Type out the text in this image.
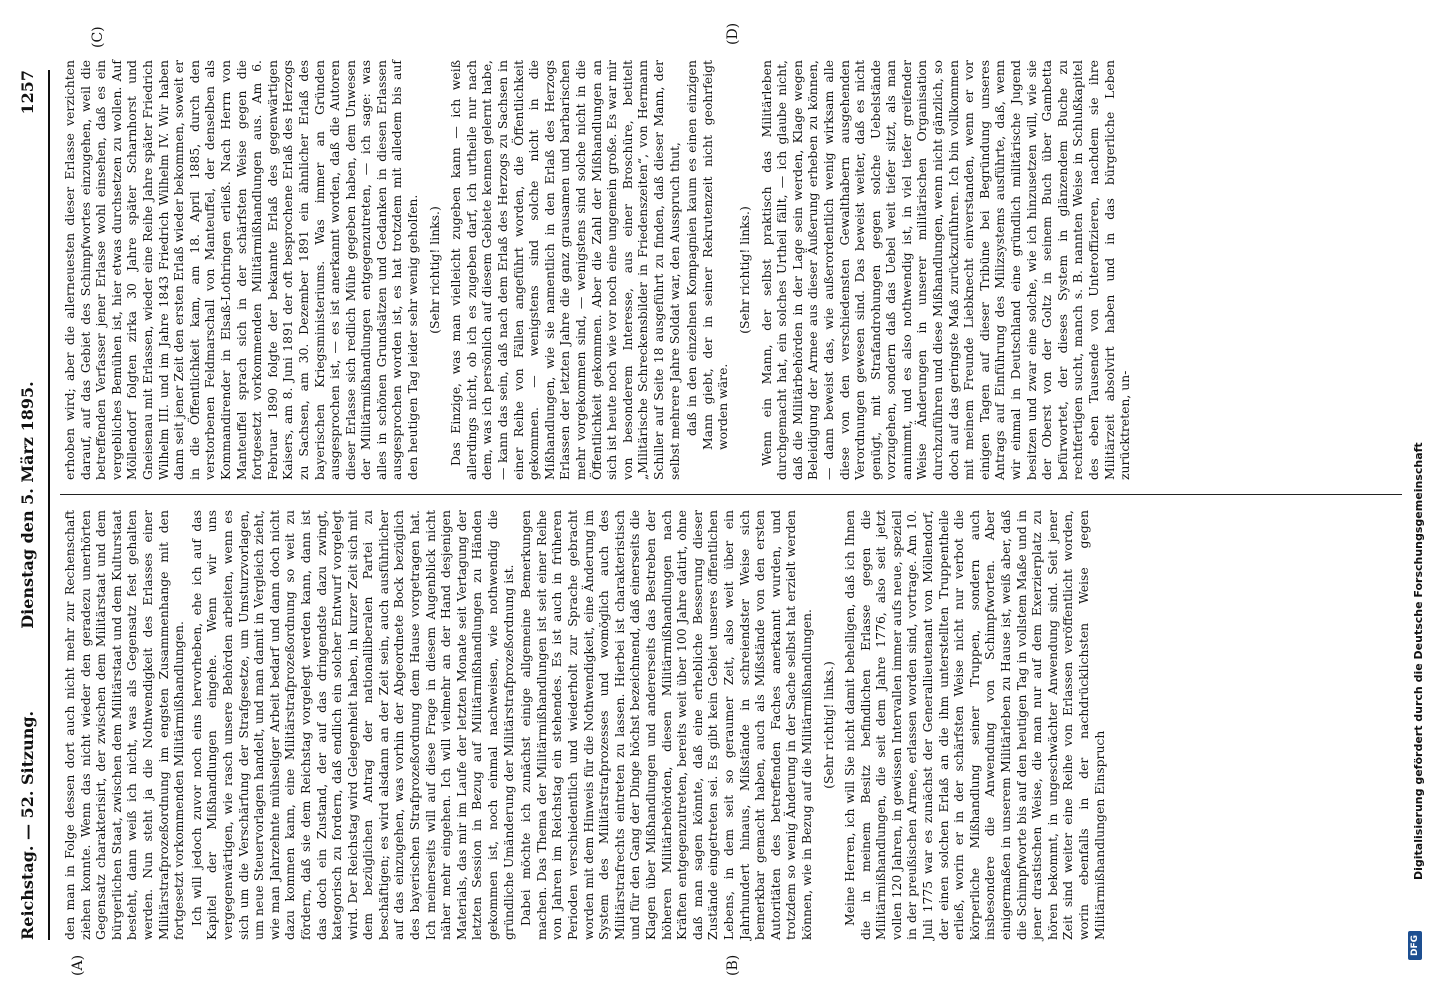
Reichstag. — 52. Sitzung.
Dienstag den 5. März 1895.
1257
(A)	(B)
(C)	(D)

den man in Folge dessen dort auch nicht mehr zur Rechenschaft ziehen konnte. Wenn das nicht wieder den geradezu unerhörten Gegensatz charakterisirt, der zwischen dem Militärstaat und dem bürgerlichen Staat, zwischen dem Militärstaat und dem Kulturstaat besteht, dann weiß ich nicht, was als Gegensatz fest gehalten werden. Nun steht ja die Nothwendigkeit des Erlasses einer Militärstrafprozeßordnung im engsten Zusammenhange mit den fortgesetzt vorkommenden Militärmißhandlungen. Ich will jedoch zuvor noch eins hervorheben, ehe ich auf das Kapitel der Mißhandlungen eingehe. Wenn wir uns vergegenwärtigen, wie rasch unsere Behörden arbeiten, wenn es sich um die Verschärfung der Strafgesetze, um Umsturzvorlagen, um neue Steuervorlagen handelt, und man damit in Vergleich zieht, wie man Jahrzehnte mühseliger Arbeit bedarf und dann doch nicht dazu kommen kann, eine Militärstrafprozeßordnung so weit zu fördern, daß sie dem Reichstag vorgelegt werden kann, dann ist das doch ein Zustand, der auf das dringendste dazu zwingt, kategorisch zu fordern, daß endlich ein solcher Entwurf vorgelegt wird. Der Reichstag wird Gelegenheit haben, in kurzer Zeit sich mit dem bezüglichen Antrag der nationalliberalen Partei zu beschäftigen; es wird alsdann an der Zeit sein, auch ausführlicher auf das einzugehen, was vorhin der Abgeordnete Bock bezüglich des bayerischen Strafprozeßordnung dem Hause vorgetragen hat. Ich meinerseits will auf diese Frage in diesem Augenblick nicht näher mehr eingehen. Ich will vielmehr an der Hand desjenigen Materials, das mir im Laufe der letzten Monate seit Vertagung der letzten Session in Bezug auf Militärmißhandlungen zu Händen gekommen ist, noch einmal nachweisen, wie nothwendig die gründliche Umänderung der Militärstrafprozeßordnung ist. Dabei möchte ich zunächst einige allgemeine Bemerkungen machen. Das Thema der Militärmißhandlungen ist seit einer Reihe von Jahren im Reichstag ein stehendes. Es ist auch in früheren Perioden verschiedentlich und wiederholt zur Sprache gebracht worden mit dem Hinweis für die Nothwendigkeit, eine Änderung im System des Militärstrafprozesses und womöglich auch des Militärstrafrechts eintreten zu lassen. Hierbei ist charakteristisch und für den Gang der Dinge höchst bezeichnend, daß einerseits die Klagen über Mißhandlungen und andererseits das Bestreben der höheren Militärbehörden, diesen Militärmißhandlungen nach Kräften entgegenzutreten, bereits weit über 100 Jahre datirt, ohne daß man sagen könnte, daß eine erhebliche Besserung dieser Zustände eingetreten sei. Es gibt kein Gebiet unseres öffentlichen Lebens, in dem seit so geraumer Zeit, also weit über ein Jahrhundert hinaus, Mißstände in schreiendster Weise sich bemerkbar gemacht haben, auch als Mißstände von den ersten Autoritäten des betreffenden Faches anerkannt wurden, und trotzdem so wenig Änderung in der Sache selbst hat erzielt werden können, wie in Bezug auf die Militärmißhandlungen. (Sehr richtig! links.) Meine Herren, ich will Sie nicht damit behelligen, daß ich Ihnen die in meinem Besitz befindlichen Erlasse gegen die Militärmißhandlungen, die seit dem Jahre 1776, also seit jetzt vollen 120 Jahren, in gewissen Intervallen immer aufs neue, speziell in der preußischen Armee, erlassen worden sind, vortrage. Am 10. Juli 1775 war es zunächst der Generallieutenant von Möllendorf, der einen solchen Erlaß an die ihm unterstellten Truppentheile erließ, worin er in der schärfsten Weise nicht nur verbot die körperliche Mißhandlung seiner Truppen, sondern auch insbesondere die Anwendung von Schimpfworten. Aber einigermaßen in unserem Militärleben zu Hause ist, weiß aber, daß die Schimpfworte bis auf den heutigen Tag in vollstem Maße und in jener drastischen Weise, die man nur auf dem Exerzierplatz zu hören bekommt, in ungeschwächter Anwendung sind. Seit jener Zeit sind weiter eine Reihe von Erlassen veröffentlicht worden, worin ebenfalls in der nachdrücklichsten Weise gegen Militärmißhandlungen Einspruch

erhoben wird; aber die allerneuesten dieser Erlasse verzichten darauf, auf das Gebiet des Schimpfwortes einzugehen, weil die betreffenden Verfasser jener Erlasse wohl einsehen, daß es ein vergebliches Bemühen ist, hier etwas durchsetzen zu wollen. Auf Möllendorf folgten zirka 30 Jahre später Scharnhorst und Gneisenau mit Erlassen, wieder eine Reihe Jahre später Friedrich Wilhelm III. und im Jahre 1843 Friedrich Wilhelm IV. Wir haben dann seit jener Zeit den ersten Erlaß wieder bekommen, soweit er in die Öffentlichkeit kam, am 18. April 1885, durch den verstorbenen Feldmarschall von Manteuffel, der denselben als Kommandirender in Elsaß-Lothringen erließ. Nach Herrn von Manteuffel sprach sich in der schärfsten Weise gegen die fortgesetzt vorkommenden Militärmißhandlungen aus. Am 6. Februar 1890 folgte der bekannte Erlaß des gegenwärtigen Kaisers, am 8. Juni 1891 der oft besprochene Erlaß des Herzogs zu Sachsen, am 30. Dezember 1891 ein ähnlicher Erlaß des bayerischen Kriegsministeriums. Was immer an Gründen ausgesprochen ist, — es ist anerkannt worden, daß die Autoren dieser Erlasse sich redlich Mühe gegeben haben, dem Unwesen der Militärmißhandlungen entgegenzutreten, — ich sage: was alles in schönen Grundsätzen und Gedanken in diesen Erlassen ausgesprochen worden ist, es hat trotzdem mit alledem bis auf den heutigen Tag leider sehr wenig geholfen. (Sehr richtig! links.) Das Einzige, was man vielleicht zugeben kann — ich weiß allerdings nicht, ob ich es zugeben darf, ich urtheile nur nach dem, was ich persönlich auf diesem Gebiete kennen gelernt habe, — kann das sein, daß nach dem Erlaß des Herzogs zu Sachsen in einer Reihe von Fällen angeführt worden, die Öffentlichkeit gekommen. — wenigstens sind solche nicht in die Mißhandlungen, wie sie namentlich in den Erlaß des Herzogs Erlassen der letzten Jahre die ganz grausamen und barbarischen mehr vorgekommen sind, — wenigstens sind solche nicht in die Öffentlichkeit gekommen. Aber die Zahl der Mißhandlungen an sich ist heute noch wie vor noch eine ungemein große. Es war mir von besonderem Interesse, aus einer Broschüre, betitelt „Militärische Schreckensbilder in Friedenszeiten“, von Hermann Schiller auf Seite 18 ausgeführt zu finden, daß dieser Mann, der selbst mehrere Jahre Soldat war, den Ausspruch thut, daß in den einzelnen Kompagnien kaum es einen einzigen Mann giebt, der in seiner Rekrutenzeit nicht geohrfeigt worden wäre.

(Sehr richtig! links.) Wenn ein Mann, der selbst praktisch das Militärleben durchgemacht hat, ein solches Urtheil fällt, — ich glaube nicht, daß die Militärbehörden in der Lage sein werden, Klage wegen Beleidigung der Armee aus dieser Äußerung erheben zu können, — dann beweist das, wie außerordentlich wenig wirksam alle diese von den verschiedensten Gewalthabern ausgehenden Verordnungen gewesen sind. Das beweist weiter, daß es nicht genügt, mit Strafandrohungen gegen solche Uebelstände vorzugehen, sondern daß das Uebel weit tiefer sitzt, als man annimmt, und es also nothwendig ist, in viel tiefer greifender Weise Änderungen in unserer militärischen Organisation durchzuführen und diese Mißhandlungen, wenn nicht gänzlich, so doch auf das geringste Maß zurückzuführen. Ich bin vollkommen mit meinem Freunde Liebknecht einverstanden, wenn er vor einigen Tagen auf dieser Tribüne bei Begründung unseres Antrags auf Einführung des Milizsystems ausführte, daß, wenn wir einmal in Deutschland eine gründlich militärische Jugend besitzen und zwar eine solche, wie ich hinzusetzen will, wie sie der Oberst von der Goltz in seinem Buch über Gambetta befürwortet, der dieses System in glänzendem Buche zu rechtfertigen sucht, manch s. B. nannten Weise in Schlußkapitel des eben Tausende von Unteroffizieren, nachdem sie ihre Militärzeit absolvirt haben und in das bürgerliche Leben zurücktreten, un-

Digitalisierung gefördert durch die Deutsche Forschungsgemeinschaft
DFG
